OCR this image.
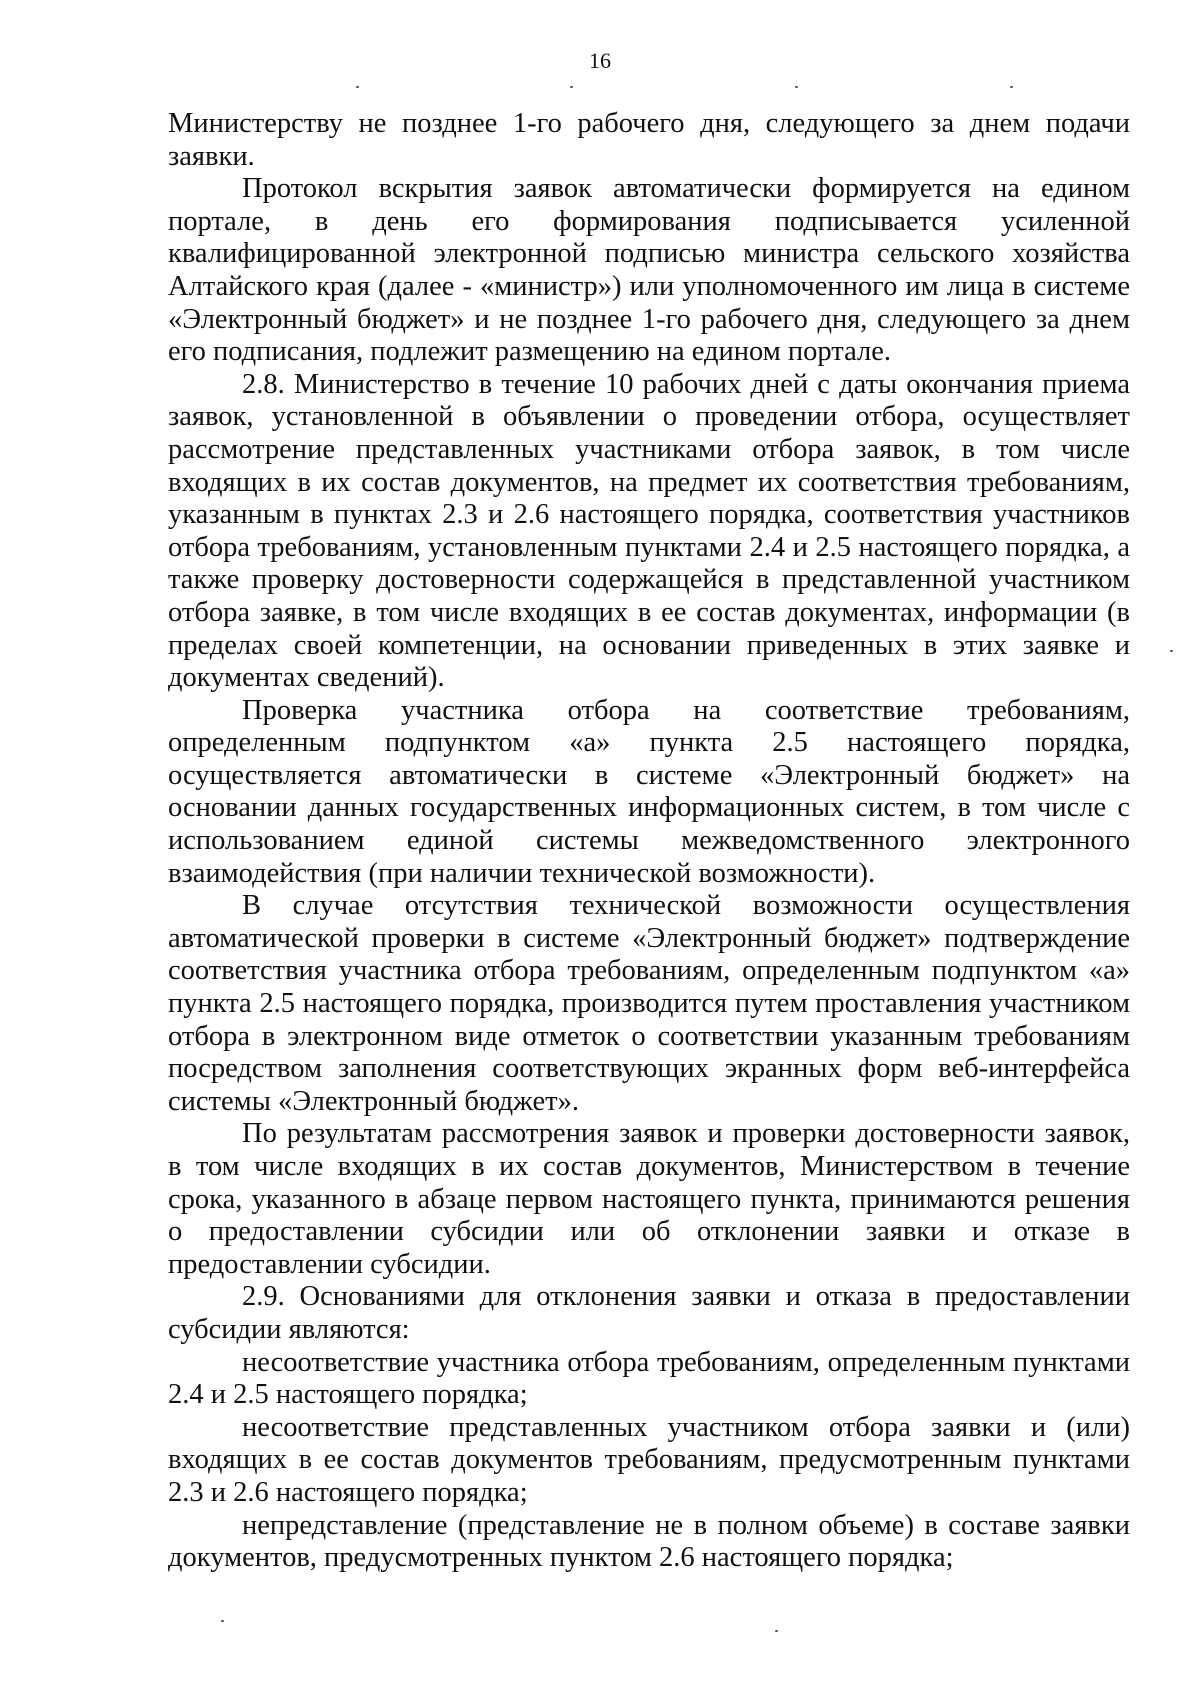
16

Министерству не позднее 1-го рабочего дня, следующего за днем подачи заявки.

Протокол вскрытия заявок автоматически формируется на едином портале, в день его формирования подписывается усиленной квалифицированной электронной подписью министра сельского хозяйства Алтайского края (далее - «министр») или уполномоченного им лица в системе «Электронный бюджет» и не позднее 1-го рабочего дня, следующего за днем его подписания, подлежит размещению на едином портале.

2.8. Министерство в течение 10 рабочих дней с даты окончания приема заявок, установленной в объявлении о проведении отбора, осуществляет рассмотрение представленных участниками отбора заявок, в том числе входящих в их состав документов, на предмет их соответствия требованиям, указанным в пунктах 2.3 и 2.6 настоящего порядка, соответствия участников отбора требованиям, установленным пунктами 2.4 и 2.5 настоящего порядка, а также проверку достоверности содержащейся в представленной участником отбора заявке, в том числе входящих в ее состав документах, информации (в пределах своей компетенции, на основании приведенных в этих заявке и документах сведений).

Проверка участника отбора на соответствие требованиям, определенным подпунктом «а» пункта 2.5 настоящего порядка, осуществляется автоматически в системе «Электронный бюджет» на основании данных государственных информационных систем, в том числе с использованием единой системы межведомственного электронного взаимодействия (при наличии технической возможности).

В случае отсутствия технической возможности осуществления автоматической проверки в системе «Электронный бюджет» подтверждение соответствия участника отбора требованиям, определенным подпунктом «а» пункта 2.5 настоящего порядка, производится путем проставления участником отбора в электронном виде отметок о соответствии указанным требованиям посредством заполнения соответствующих экранных форм веб-интерфейса системы «Электронный бюджет».

По результатам рассмотрения заявок и проверки достоверности заявок, в том числе входящих в их состав документов, Министерством в течение срока, указанного в абзаце первом настоящего пункта, принимаются решения о предоставлении субсидии или об отклонении заявки и отказе в предоставлении субсидии.

2.9. Основаниями для отклонения заявки и отказа в предоставлении субсидии являются:

несоответствие участника отбора требованиям, определенным пунктами 2.4 и 2.5 настоящего порядка;

несоответствие представленных участником отбора заявки и (или) входящих в ее состав документов требованиям, предусмотренным пунктами 2.3 и 2.6 настоящего порядка;

непредставление (представление не в полном объеме) в составе заявки документов, предусмотренных пунктом 2.6 настоящего порядка;
